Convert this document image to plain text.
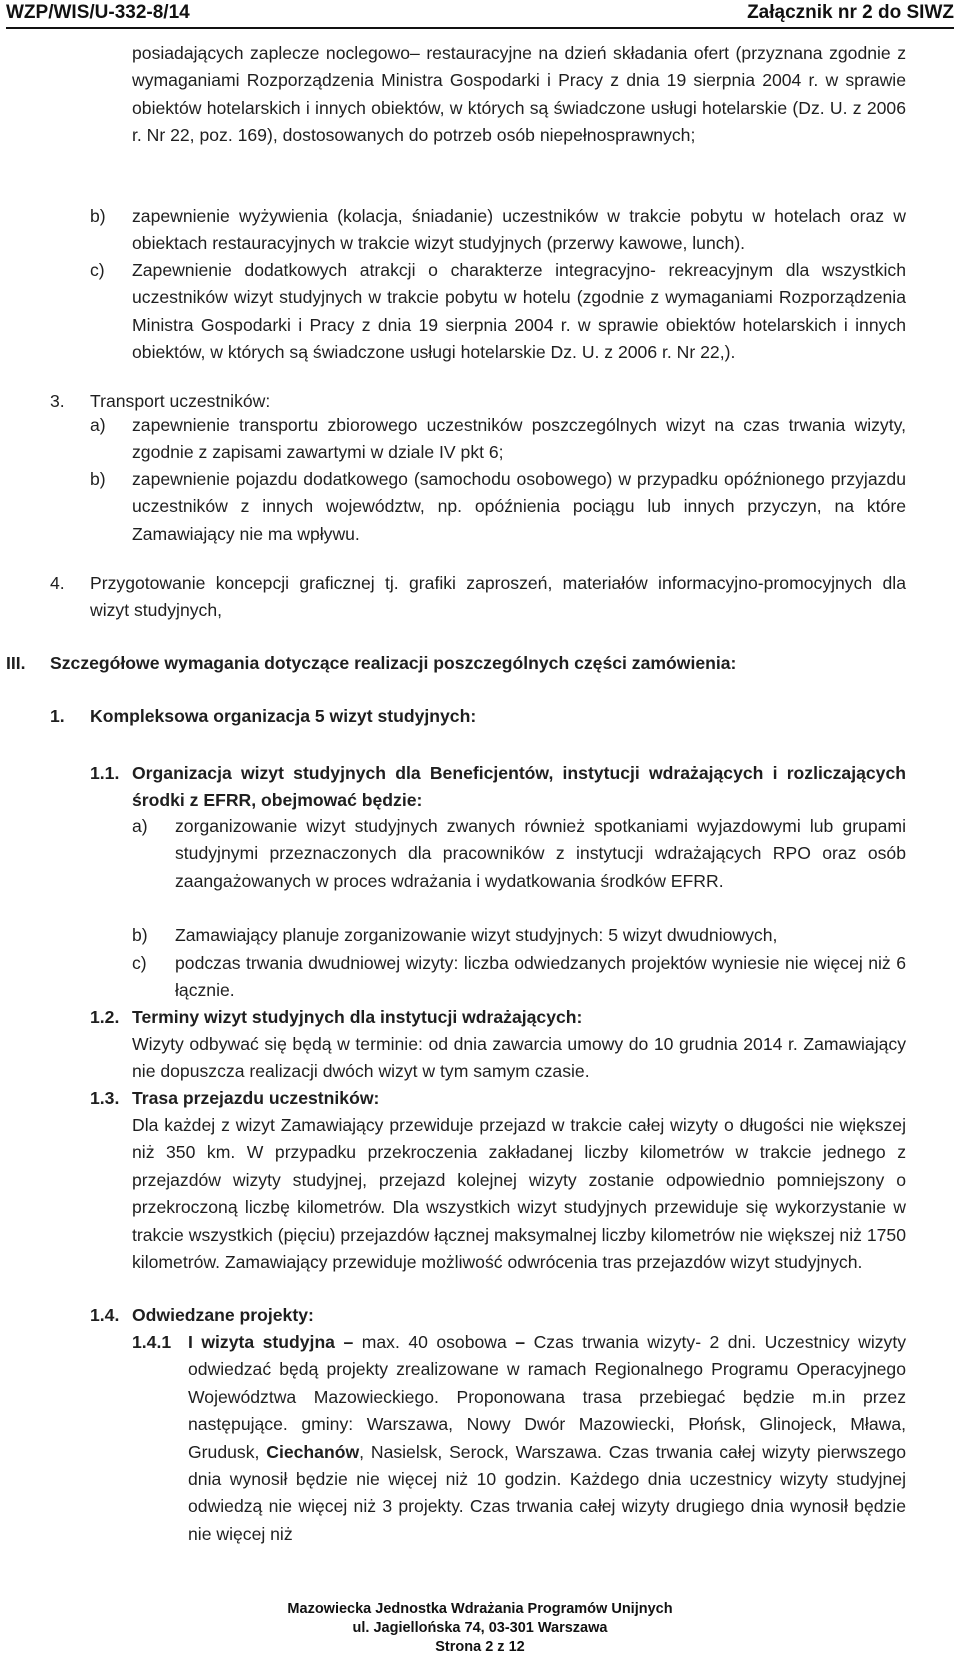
WZP/WIS/U-332-8/14	Załącznik nr 2 do SIWZ
posiadających zaplecze noclegowo– restauracyjne na dzień składania ofert (przyznana zgodnie z wymaganiami Rozporządzenia Ministra Gospodarki i Pracy z dnia 19 sierpnia 2004 r. w sprawie obiektów hotelarskich i innych obiektów, w których są świadczone usługi hotelarskie (Dz. U. z 2006 r. Nr 22, poz. 169), dostosowanych do potrzeb osób niepełnosprawnych;
b) zapewnienie wyżywienia (kolacja, śniadanie) uczestników w trakcie pobytu w hotelach oraz w obiektach restauracyjnych w trakcie wizyt studyjnych (przerwy kawowe, lunch).
c) Zapewnienie dodatkowych atrakcji o charakterze integracyjno- rekreacyjnym dla wszystkich uczestników wizyt studyjnych w trakcie pobytu w hotelu (zgodnie z wymaganiami Rozporządzenia Ministra Gospodarki i Pracy z dnia 19 sierpnia 2004 r. w sprawie obiektów hotelarskich i innych obiektów, w których są świadczone usługi hotelarskie Dz. U. z 2006 r. Nr 22,).
3. Transport uczestników:
a) zapewnienie transportu zbiorowego uczestników poszczególnych wizyt na czas trwania wizyty, zgodnie z zapisami zawartymi w dziale IV pkt 6;
b) zapewnienie pojazdu dodatkowego (samochodu osobowego) w przypadku opóźnionego przyjazdu uczestników z innych województw, np. opóźnienia pociągu lub innych przyczyn, na które Zamawiający nie ma wpływu.
4. Przygotowanie koncepcji graficznej tj. grafiki zaproszeń, materiałów informacyjno-promocyjnych dla wizyt studyjnych,
III. Szczegółowe wymagania dotyczące realizacji poszczególnych części zamówienia:
1. Kompleksowa organizacja 5 wizyt studyjnych:
1.1. Organizacja wizyt studyjnych dla Beneficjentów, instytucji wdrażających i rozliczających środki z EFRR, obejmować będzie:
a) zorganizowanie wizyt studyjnych zwanych również spotkaniami wyjazdowymi lub grupami studyjnymi przeznaczonych dla pracowników z instytucji wdrażających RPO oraz osób zaangażowanych w proces wdrażania i wydatkowania środków EFRR.
b) Zamawiający planuje zorganizowanie wizyt studyjnych: 5 wizyt dwudniowych,
c) podczas trwania dwudniowej wizyty: liczba odwiedzanych projektów wyniesie nie więcej niż 6 łącznie.
1.2. Terminy wizyt studyjnych dla instytucji wdrażających:
Wizyty odbywać się będą w terminie: od dnia zawarcia umowy do 10 grudnia 2014 r. Zamawiający nie dopuszcza realizacji dwóch wizyt w tym samym czasie.
1.3. Trasa przejazdu uczestników:
Dla każdej z wizyt Zamawiający przewiduje przejazd w trakcie całej wizyty o długości nie większej niż 350 km. W przypadku przekroczenia zakładanej liczby kilometrów w trakcie jednego z przejazdów wizyty studyjnej, przejazd kolejnej wizyty zostanie odpowiednio pomniejszony o przekroczoną liczbę kilometrów. Dla wszystkich wizyt studyjnych przewiduje się wykorzystanie w trakcie wszystkich (pięciu) przejazdów łącznej maksymalnej liczby kilometrów nie większej niż 1750 kilometrów. Zamawiający przewiduje możliwość odwrócenia tras przejazdów wizyt studyjnych.
1.4. Odwiedzane projekty:
1.4.1 I wizyta studyjna – max. 40 osobowa – Czas trwania wizyty- 2 dni. Uczestnicy wizyty odwiedzać będą projekty zrealizowane w ramach Regionalnego Programu Operacyjnego Województwa Mazowieckiego. Proponowana trasa przebiegać będzie m.in przez następujące. gminy: Warszawa, Nowy Dwór Mazowiecki, Płońsk, Glinojeck, Mława, Grudusk, Ciechanów, Nasielsk, Serock, Warszawa. Czas trwania całej wizyty pierwszego dnia wynosił będzie nie więcej niż 10 godzin. Każdego dnia uczestnicy wizyty studyjnej odwiedzą nie więcej niż 3 projekty. Czas trwania całej wizyty drugiego dnia wynosił będzie nie więcej niż
Mazowiecka Jednostka Wdrażania Programów Unijnych
ul. Jagiellońska 74, 03-301 Warszawa
Strona 2 z 12
